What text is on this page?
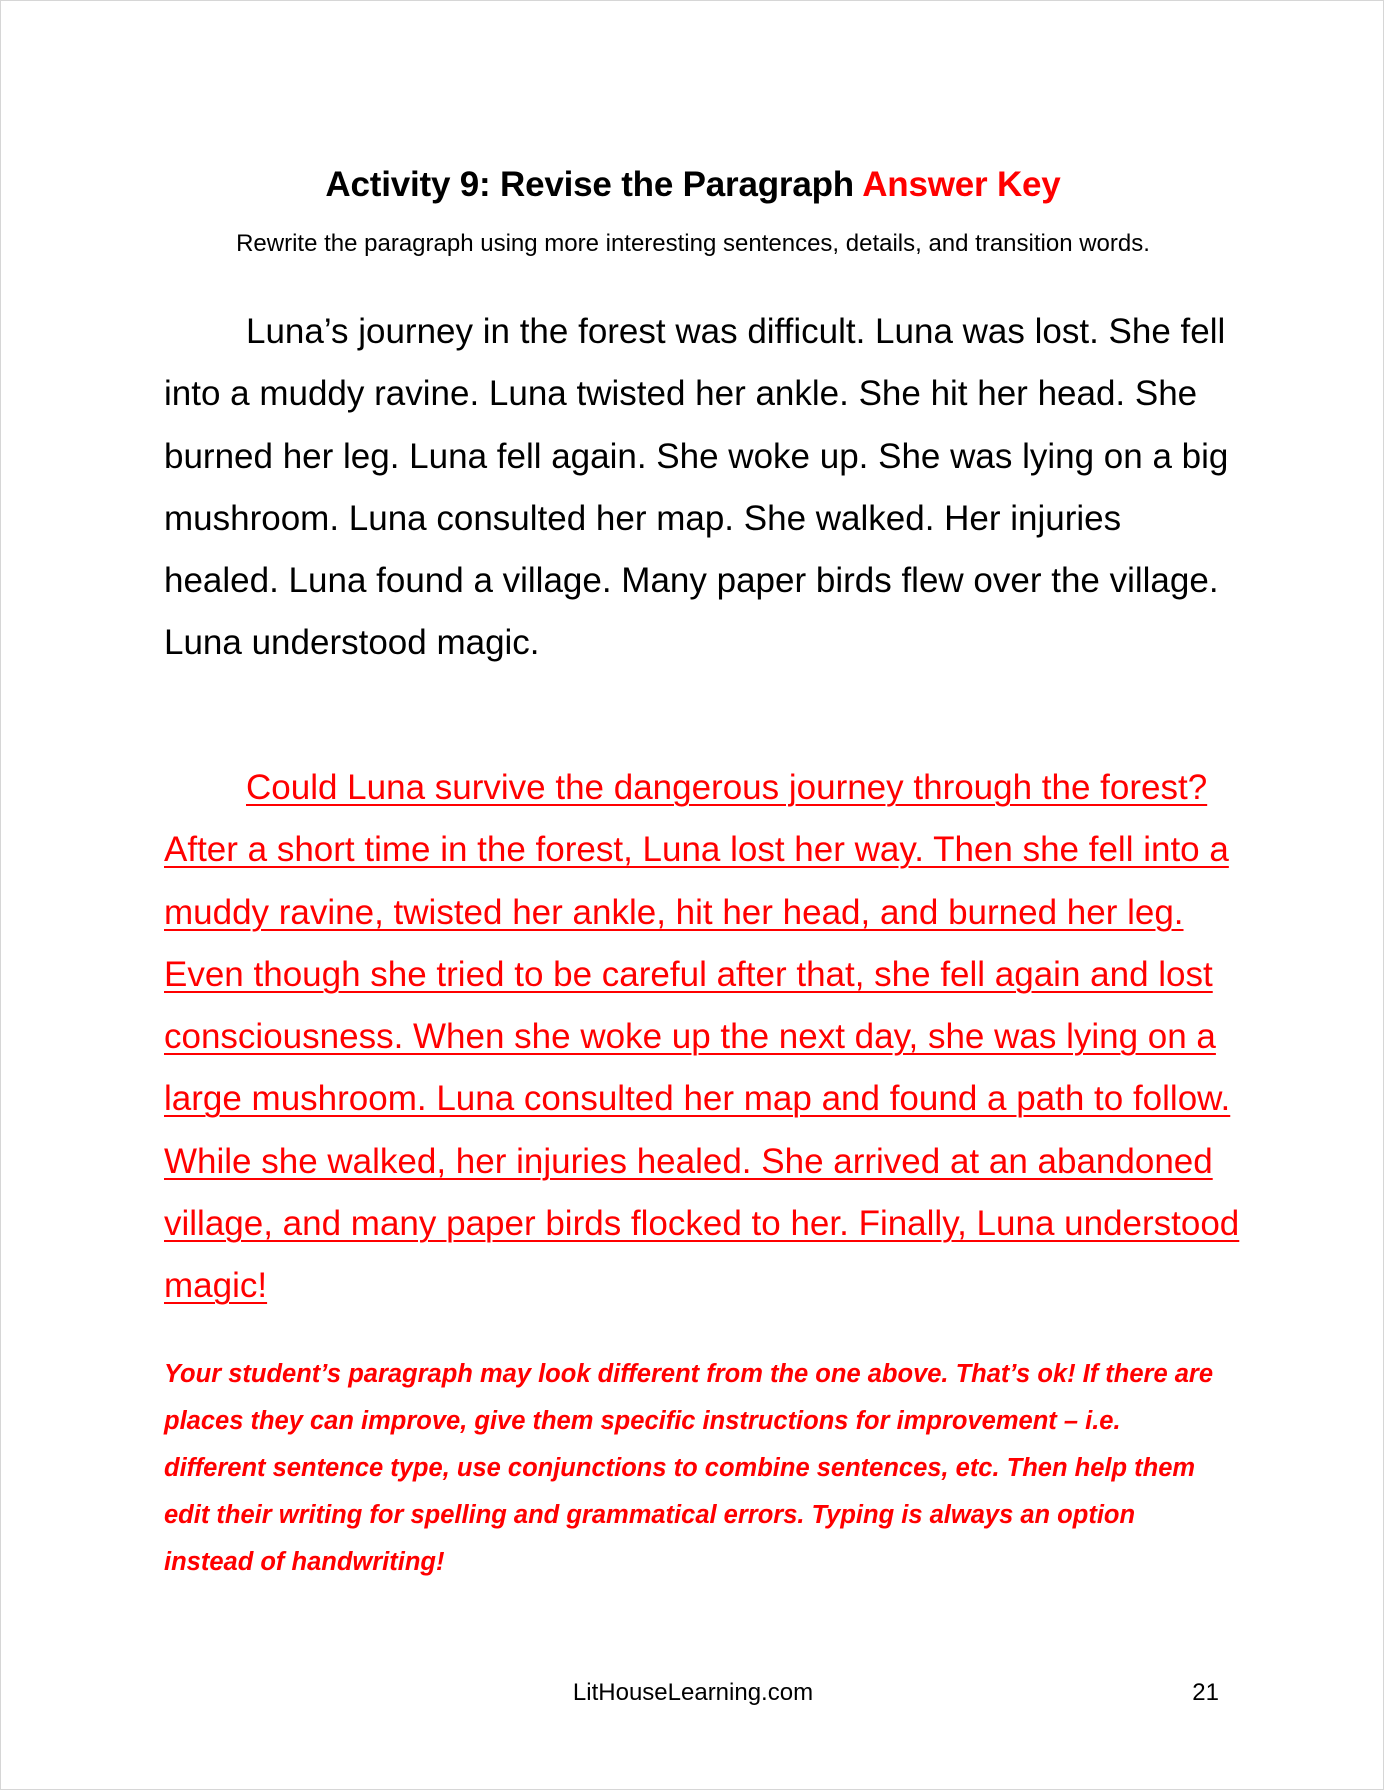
Activity 9: Revise the Paragraph Answer Key
Rewrite the paragraph using more interesting sentences, details, and transition words.

Luna’s journey in the forest was difficult. Luna was lost. She fell into a muddy ravine. Luna twisted her ankle. She hit her head. She burned her leg. Luna fell again. She woke up. She was lying on a big mushroom. Luna consulted her map. She walked. Her injuries healed. Luna found a village. Many paper birds flew over the village. Luna understood magic.

Could Luna survive the dangerous journey through the forest? After a short time in the forest, Luna lost her way. Then she fell into a muddy ravine, twisted her ankle, hit her head, and burned her leg. Even though she tried to be careful after that, she fell again and lost consciousness. When she woke up the next day, she was lying on a large mushroom. Luna consulted her map and found a path to follow. While she walked, her injuries healed. She arrived at an abandoned village, and many paper birds flocked to her. Finally, Luna understood magic!

Your student’s paragraph may look different from the one above. That’s ok! If there are places they can improve, give them specific instructions for improvement – i.e. different sentence type, use conjunctions to combine sentences, etc. Then help them edit their writing for spelling and grammatical errors. Typing is always an option instead of handwriting!

LitHouseLearning.com	21
